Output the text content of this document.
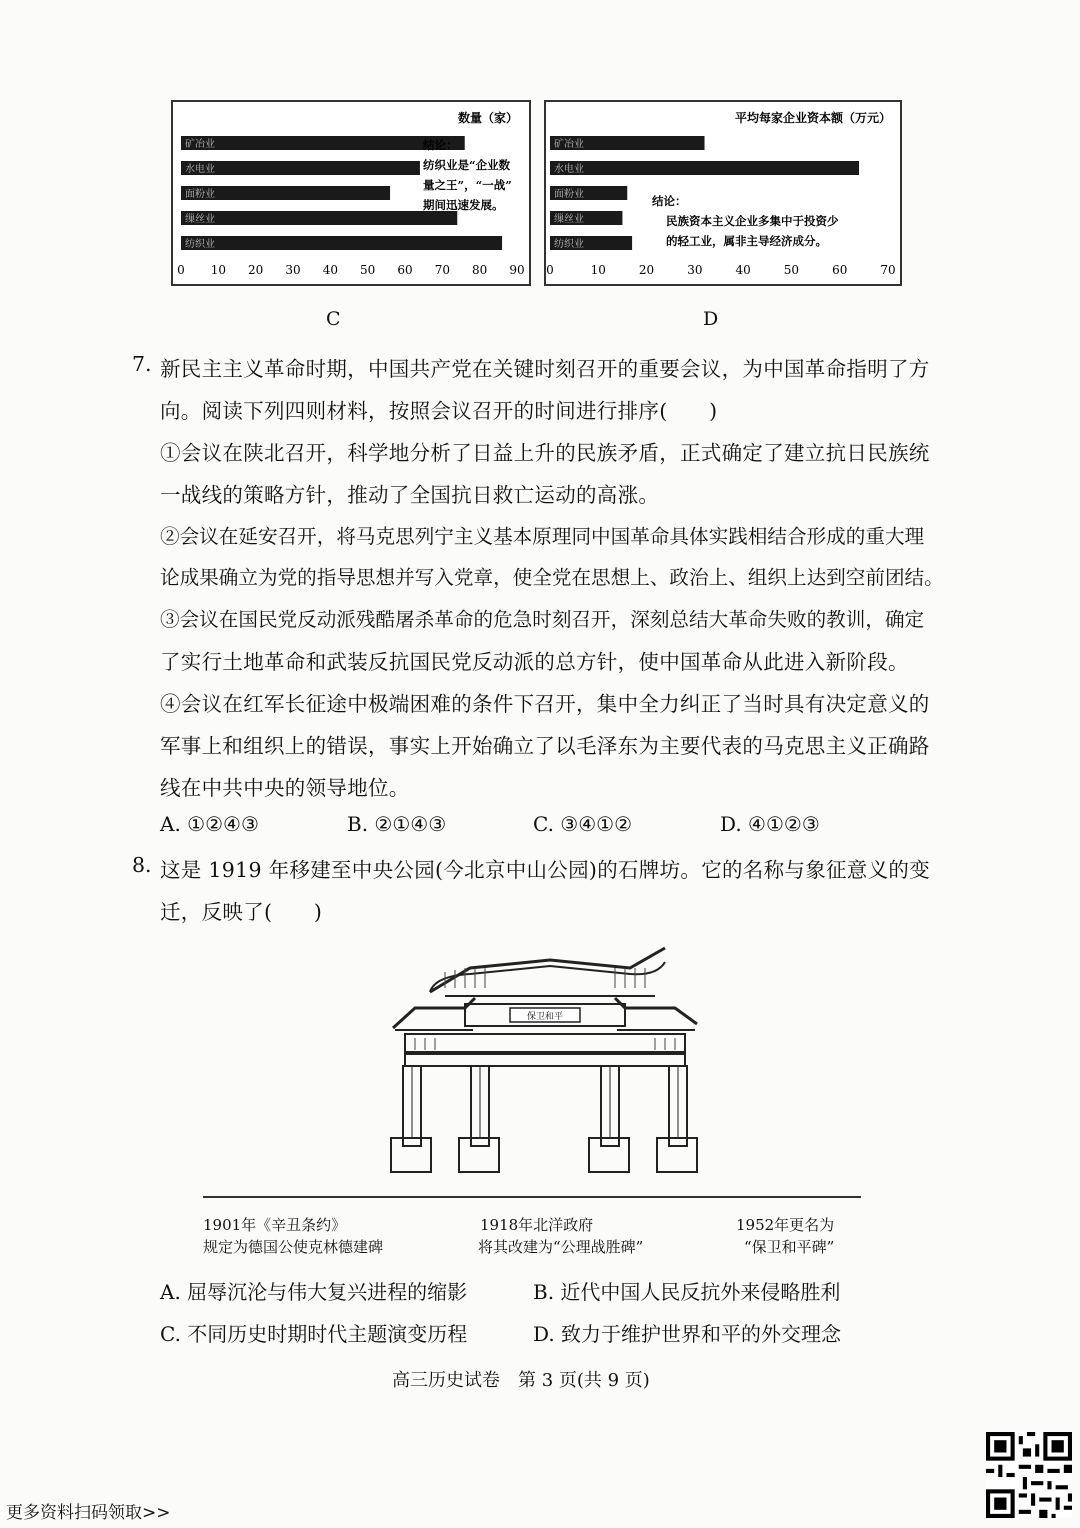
数量（家）
矿冶业
水电业
面粉业
缫丝业
纺织业
0 10 20 30 40 50 60 70 80 90
结论：
纺织业是“企业数
量之王”，“一战”
期间迅速发展。
C
平均每家企业资本额（万元）
矿冶业
水电业
面粉业
缫丝业
纺织业
0	10	20	30	40	50	60	70
结论：
民族资本主义企业多集中于投资少
的轻工业，属非主导经济成分。
D
7. 新民主主义革命时期，中国共产党在关键时刻召开的重要会议，为中国革命指明了方
向。阅读下列四则材料，按照会议召开的时间进行排序(　　)
①会议在陕北召开，科学地分析了日益上升的民族矛盾，正式确定了建立抗日民族统
一战线的策略方针，推动了全国抗日救亡运动的高涨。
②会议在延安召开，将马克思列宁主义基本原理同中国革命具体实践相结合形成的重大理
论成果确立为党的指导思想并写入党章，使全党在思想上、政治上、组织上达到空前团结。
③会议在国民党反动派残酷屠杀革命的危急时刻召开，深刻总结大革命失败的教训，确定
了实行土地革命和武装反抗国民党反动派的总方针，使中国革命从此进入新阶段。
④会议在红军长征途中极端困难的条件下召开，集中全力纠正了当时具有决定意义的
军事上和组织上的错误，事实上开始确立了以毛泽东为主要代表的马克思主义正确路
线在中共中央的领导地位。
A. ①②④③	B. ②①④③	C. ③④①②	D. ④①②③
8. 这是 1919 年移建至中央公园(今北京中山公园)的石牌坊。它的名称与象征意义的变
迁，反映了(　　)
保卫和平
1901年《辛丑条约》
规定为德国公使克林德建碑
1918年北洋政府
将其改建为“公理战胜碑”
1952年更名为
“保卫和平碑”
A. 屈辱沉沦与伟大复兴进程的缩影	B. 近代中国人民反抗外来侵略胜利
C. 不同历史时期时代主题演变历程	D. 致力于维护世界和平的外交理念
高三历史试卷　第 3 页(共 9 页)
更多资料扫码领取>>
